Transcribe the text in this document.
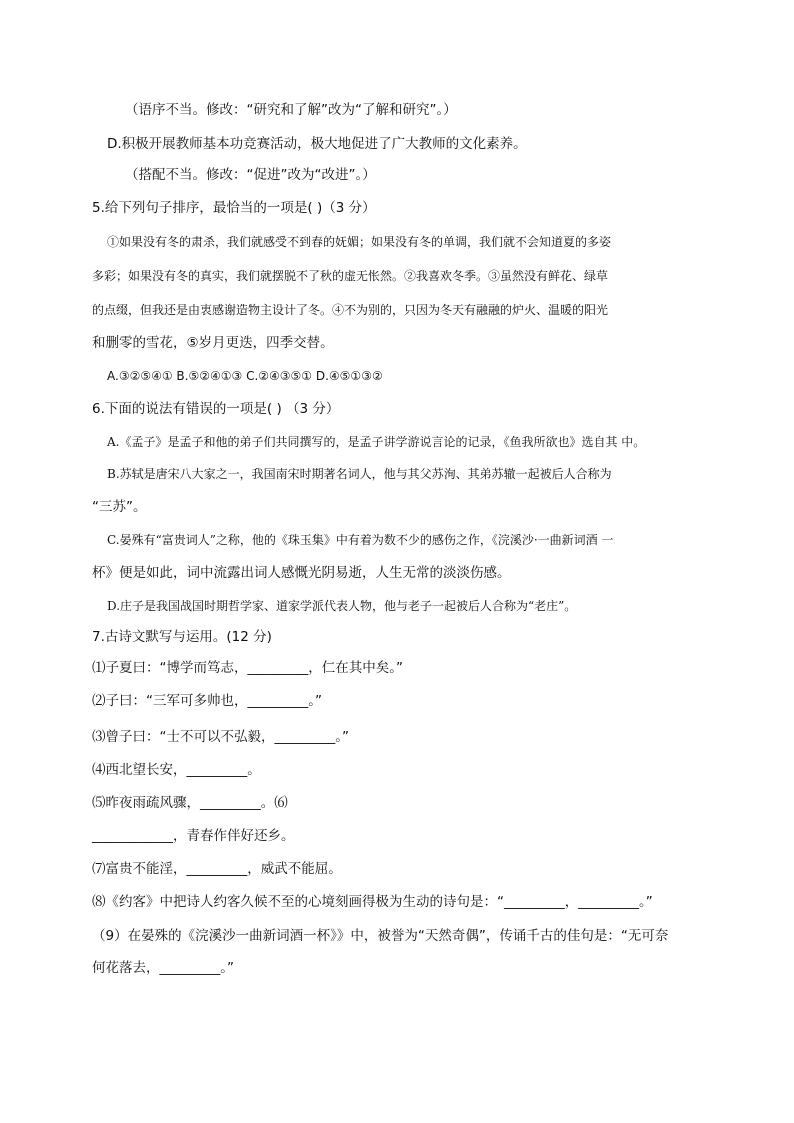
（语序不当。修改：“研究和了解”改为“了解和研究”。）
D.积极开展教师基本功竞赛活动，极大地促进了广大教师的文化素养。
（搭配不当。修改：“促进”改为“改进”。）
5.给下列句子排序，最恰当的一项是( )（3 分）
①如果没有冬的肃杀，我们就感受不到春的妩媚；如果没有冬的单调，我们就不会知道夏的多姿
多彩；如果没有冬的真实，我们就摆脱不了秋的虚无怅然。②我喜欢冬季。③虽然没有鲜花、绿草
的点缀，但我还是由衷感谢造物主设计了冬。④不为别的，只因为冬天有融融的炉火、温暖的阳光
和删零的雪花，⑤岁月更迭，四季交替。
A.③②⑤④① B.⑤②④①③ C.②④③⑤① D.④⑤①③②
6.下面的说法有错误的一项是( ) （3 分）
A.《孟子》是孟子和他的弟子们共同撰写的，是孟子讲学游说言论的记录，《鱼我所欲也》选自其 中。
B.苏轼是唐宋八大家之一，我国南宋时期著名词人，他与其父苏洵、其弟苏辙一起被后人合称为
“三苏”。
C.晏殊有“富贵词人”之称，他的《珠玉集》中有着为数不少的感伤之作，《浣溪沙·一曲新词酒 一
杯》便是如此，词中流露出词人感慨光阴易逝，人生无常的淡淡伤感。
D.庄子是我国战国时期哲学家、道家学派代表人物，他与老子一起被后人合称为“老庄”。
7.古诗文默写与运用。(12 分)
⑴子夏曰：“博学而笃志，_________，仁在其中矣。”
⑵子曰：“三军可多帅也，_________。”
⑶曾子曰：“士不可以不弘毅，_________。”
⑷西北望长安，_________。
⑸昨夜雨疏风骤，_________。⑹
____________，青春作伴好还乡。
⑺富贵不能淫，_________，威武不能屈。
⑻《约客》中把诗人约客久候不至的心境刻画得极为生动的诗句是：“_________，_________。”
（9）在晏殊的《浣溪沙一曲新词酒一杯》》中，被誉为“天然奇偶”，传诵千古的佳句是：“无可奈
何花落去，_________。”
